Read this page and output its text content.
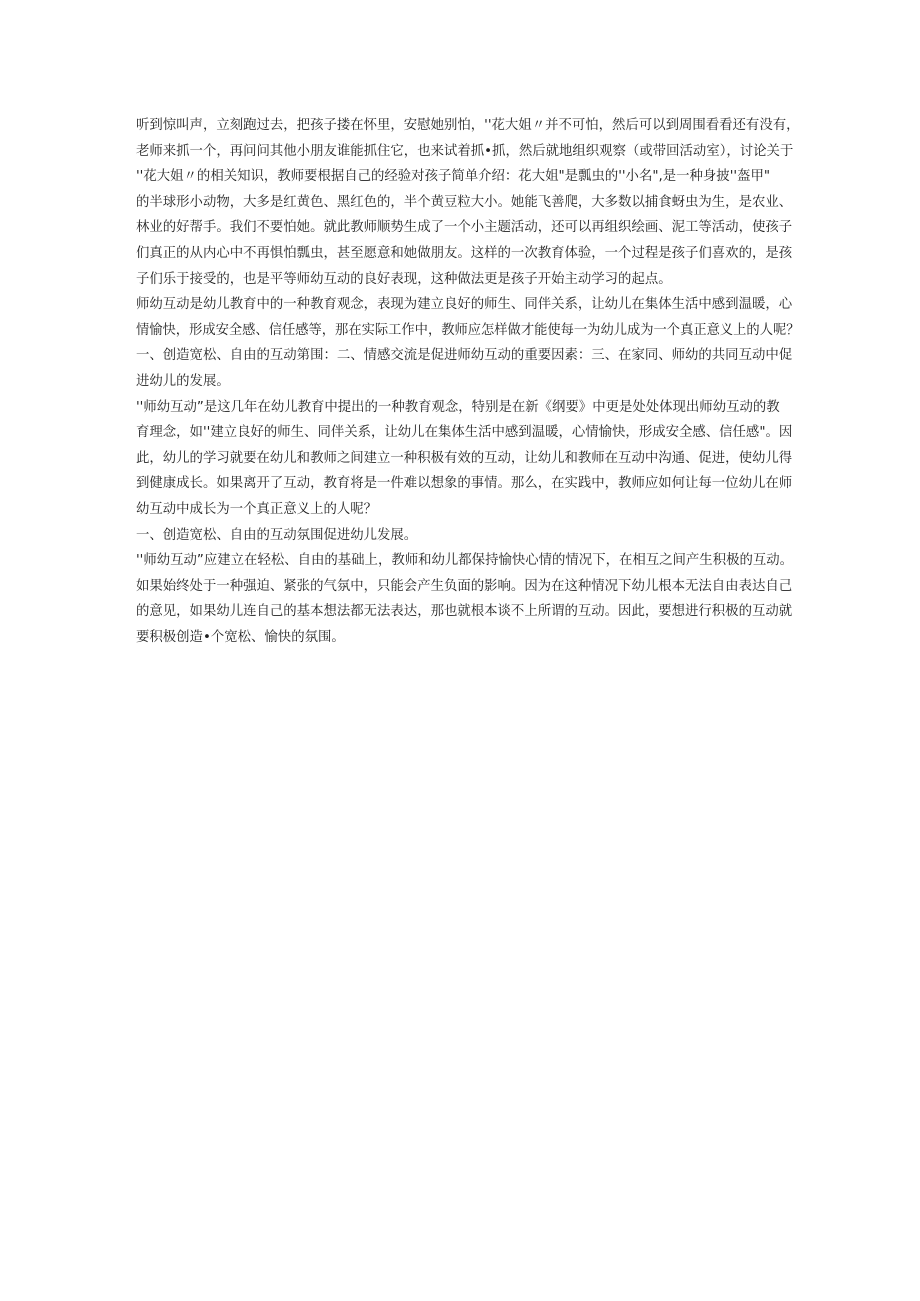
听到惊叫声，立刻跑过去，把孩子搂在怀里，安慰她别怕，''花大姐〃并不可怕，然后可以到周围看看还有没有，
老师来抓一个，再问问其他小朋友谁能抓住它，也来试着抓•抓，然后就地组织观察（或带回活动室），讨论关于
''花大姐〃的相关知识，教师要根据自己的经验对孩子简单介绍：花大姐"是瓢虫的''小名",是一种身披''盔甲"
的半球形小动物，大多是红黄色、黑红色的，半个黄豆粒大小。她能飞善爬，大多数以捕食蚜虫为生，是农业、
林业的好帮手。我们不要怕她。就此教师顺势生成了一个小主题活动，还可以再组织绘画、泥工等活动，使孩子
们真正的从内心中不再惧怕瓢虫，甚至愿意和她做朋友。这样的一次教育体验，一个过程是孩子们喜欢的，是孩
子们乐于接受的，也是平等师幼互动的良好表现，这种做法更是孩子开始主动学习的起点。
师幼互动是幼儿教育中的一种教育观念，表现为建立良好的师生、同伴关系，让幼儿在集体生活中感到温暖，心
情愉快，形成安全感、信任感等，那在实际工作中，教师应怎样做才能使每一为幼儿成为一个真正意义上的人呢？
一、创造宽松、自由的互动第围：二、情感交流是促进师幼互动的重要因素：三、在家同、师幼的共同互动中促
进幼儿的发展。
''师幼互动”是这几年在幼儿教育中提出的一种教育观念，特别是在新《纲要》中更是处处体现出师幼互动的教
育理念，如''建立良好的师生、同伴关系，让幼儿在集体生活中感到温暖，心情愉快，形成安全感、信任感"。因
此，幼儿的学习就要在幼儿和教师之间建立一种积极有效的互动，让幼儿和教师在互动中沟通、促进，使幼儿得
到健康成长。如果离开了互动，教育将是一件难以想象的事情。那么，在实践中，教师应如何让每一位幼儿在师
幼互动中成长为一个真正意义上的人呢？
一、创造宽松、自由的互动氛围促进幼儿发展。
''师幼互动”应建立在轻松、自由的基础上，教师和幼儿都保持愉快心情的情况下，在相互之间产生积极的互动。
如果始终处于一种强迫、紧张的气氛中，只能会产生负面的影响。因为在这种情况下幼儿根本无法自由表达自己
的意见，如果幼儿连自己的基本想法都无法表达，那也就根本谈不上所谓的互动。因此，要想进行积极的互动就
要积极创造•个宽松、愉快的氛围。
